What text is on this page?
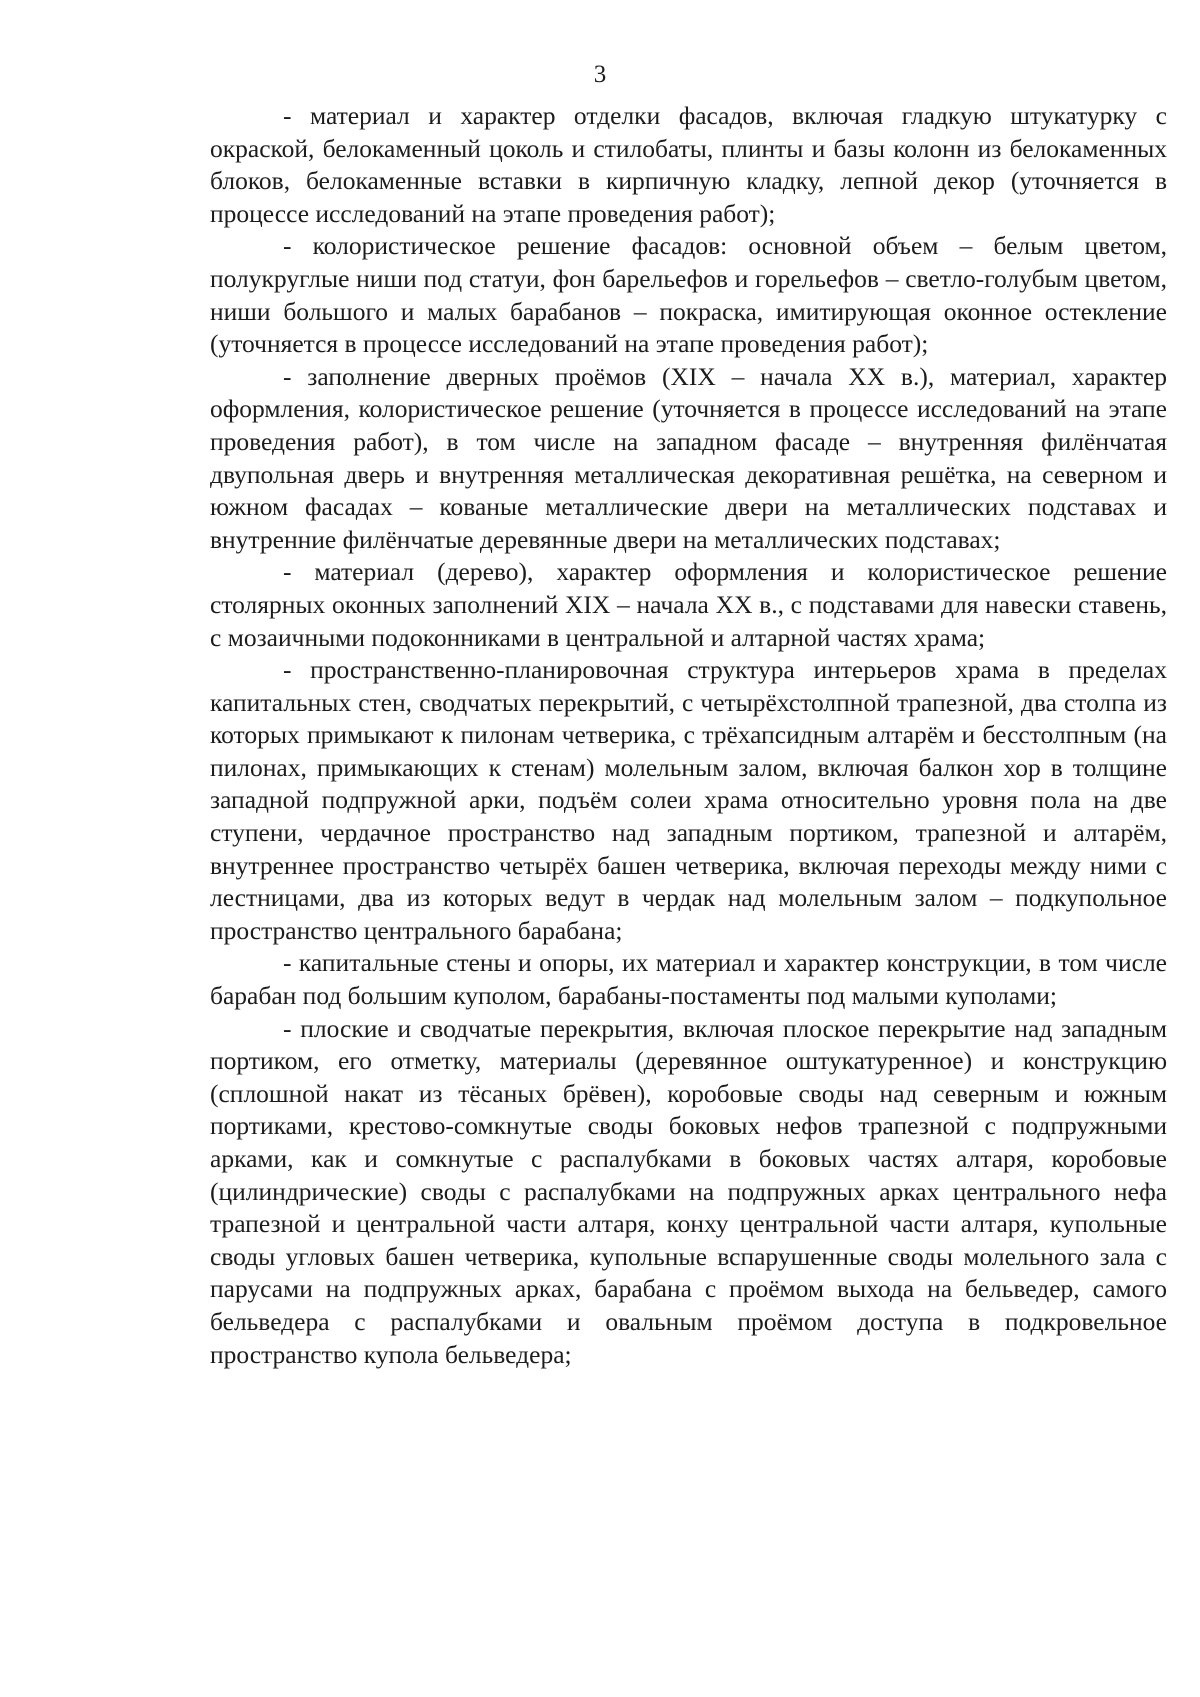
3

- материал и характер отделки фасадов, включая гладкую штукатурку с окраской, белокаменный цоколь и стилобаты, плинты и базы колонн из белокаменных блоков, белокаменные вставки в кирпичную кладку, лепной декор (уточняется в процессе исследований на этапе проведения работ);

- колористическое решение фасадов: основной объем – белым цветом, полукруглые ниши под статуи, фон барельефов и горельефов – светло-голубым цветом, ниши большого и малых барабанов – покраска, имитирующая оконное остекление (уточняется в процессе исследований на этапе проведения работ);

- заполнение дверных проёмов (XIX – начала XX в.), материал, характер оформления, колористическое решение (уточняется в процессе исследований на этапе проведения работ), в том числе на западном фасаде – внутренняя филёнчатая двупольная дверь и внутренняя металлическая декоративная решётка, на северном и южном фасадах – кованые металлические двери на металлических подставах и внутренние филёнчатые деревянные двери на металлических подставах;

- материал (дерево), характер оформления и колористическое решение столярных оконных заполнений XIX – начала XX в., с подставами для навески ставень, с мозаичными подоконниками в центральной и алтарной частях храма;

- пространственно-планировочная структура интерьеров храма в пределах капитальных стен, сводчатых перекрытий, с четырёхстолпной трапезной, два столпа из которых примыкают к пилонам четверика, с трёхапсидным алтарём и бесстолпным (на пилонах, примыкающих к стенам) молельным залом, включая балкон хор в толщине западной подпружной арки, подъём солеи храма относительно уровня пола на две ступени, чердачное пространство над западным портиком, трапезной и алтарём, внутреннее пространство четырёх башен четверика, включая переходы между ними с лестницами, два из которых ведут в чердак над молельным залом – подкупольное пространство центрального барабана;

- капитальные стены и опоры, их материал и характер конструкции, в том числе барабан под большим куполом, барабаны-постаменты под малыми куполами;

- плоские и сводчатые перекрытия, включая плоское перекрытие над западным портиком, его отметку, материалы (деревянное оштукатуренное) и конструкцию (сплошной накат из тёсаных брёвен), коробовые своды над северным и южным портиками, крестово-сомкнутые своды боковых нефов трапезной с подпружными арками, как и сомкнутые с распалубками в боковых частях алтаря, коробовые (цилиндрические) своды с распалубками на подпружных арках центрального нефа трапезной и центральной части алтаря, конху центральной части алтаря, купольные своды угловых башен четверика, купольные вспарушенные своды молельного зала с парусами на подпружных арках, барабана с проёмом выхода на бельведер, самого бельведера с распалубками и овальным проёмом доступа в подкровельное пространство купола бельведера;
